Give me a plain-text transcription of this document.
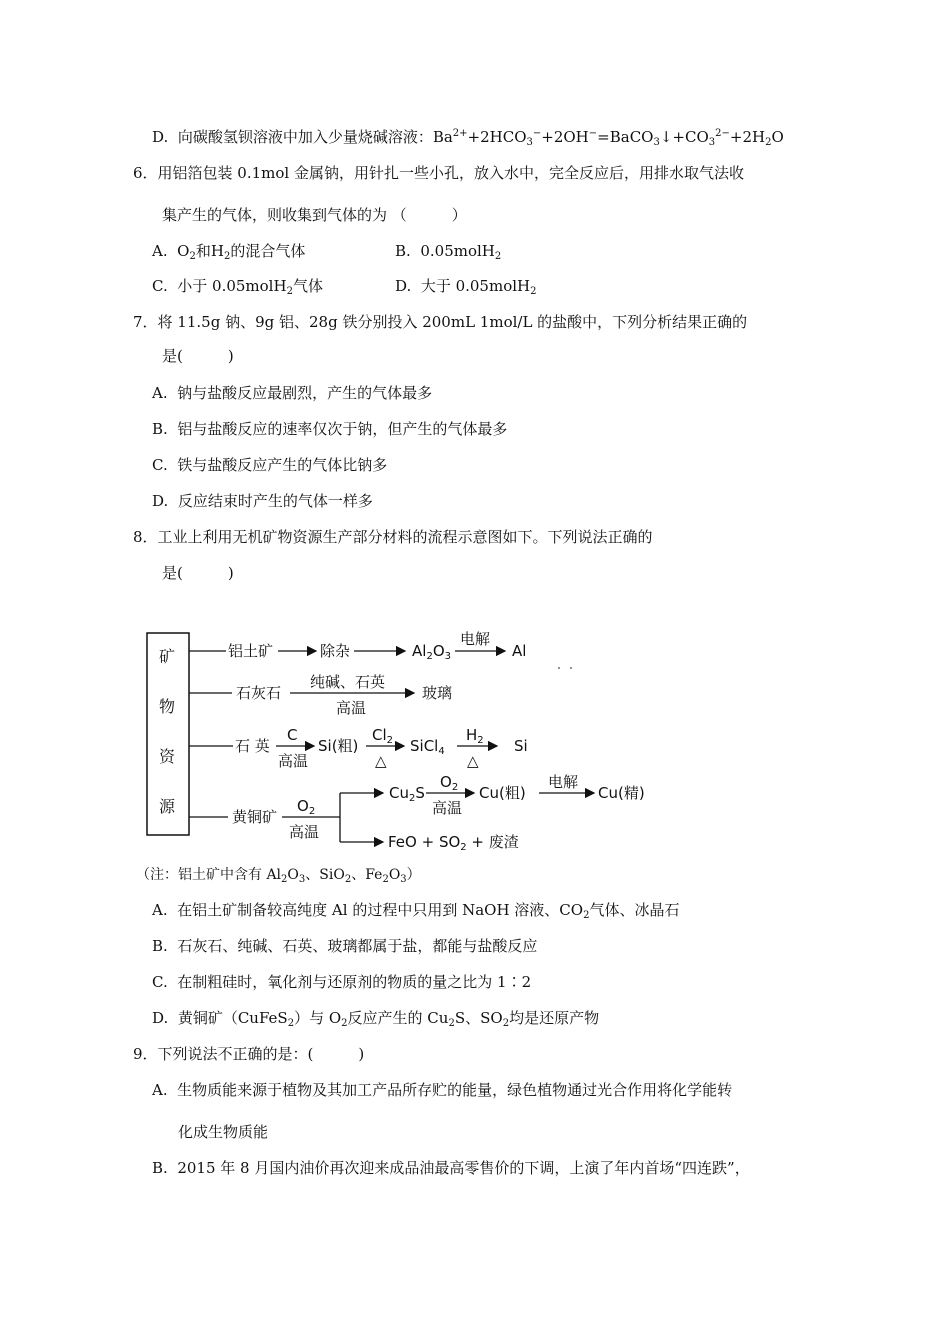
D. 向碳酸氢钡溶液中加入少量烧碱溶液：$Ba^{2+}+2HCO_3^-+2OH^-=BaCO_3↓+CO_3^{2-}+2H_2O$
6．用铝箔包装 0.1mol 金属钠，用针扎一些小孔，放入水中，完全反应后，用排水取气法收
集产生的气体，则收集到气体的为 （　　　）
A. $O_2$和$H_2$的混合气体	B. 0.05molH$_2$
C. 小于 0.05molH$_2$气体	D. 大于 0.05molH$_2$
7．将 11.5g 钠、9g 铝、28g 铁分别投入 200mL 1mol/L 的盐酸中，下列分析结果正确的
是(　　　)
A. 钠与盐酸反应最剧烈，产生的气体最多
B. 铝与盐酸反应的速率仅次于钠，但产生的气体最多
C. 铁与盐酸反应产生的气体比钠多
D. 反应结束时产生的气体一样多
8．工业上利用无机矿物资源生产部分材料的流程示意图如下。下列说法正确的
是(　　　)
矿
物
资
源
铝土矿	除杂	$Al_2O_3$
电解
Al
石灰石
纯碱、石英
高温
玻璃
石 英
C
高温
Si(粗)
$Cl_2$
△
SiCl$_4$
$H_2$
△
Si
黄铜矿
$O_2$
高温
$Cu_2S$
$O_2$
高温
Cu(粗)
电解
Cu(精)
FeO + $SO_2$ + 废渣
（注：铝土矿中含有 $Al_2O_3$、SiO$_2$、$Fe_2O_3$）
A. 在铝土矿制备较高纯度 Al 的过程中只用到 NaOH 溶液、$CO_2$气体、冰晶石
B. 石灰石、纯碱、石英、玻璃都属于盐，都能与盐酸反应
C. 在制粗硅时，氧化剂与还原剂的物质的量之比为 1∶2
D. 黄铜矿（CuFeS$_2$）与 $O_2$反应产生的 $Cu_2S$、$SO_2$均是还原产物
9．下列说法不正确的是：(　　　)
A. 生物质能来源于植物及其加工产品所存贮的能量，绿色植物通过光合作用将化学能转
化成生物质能
B. 2015 年 8 月国内油价再次迎来成品油最高零售价的下调，上演了年内首场“四连跌”，
